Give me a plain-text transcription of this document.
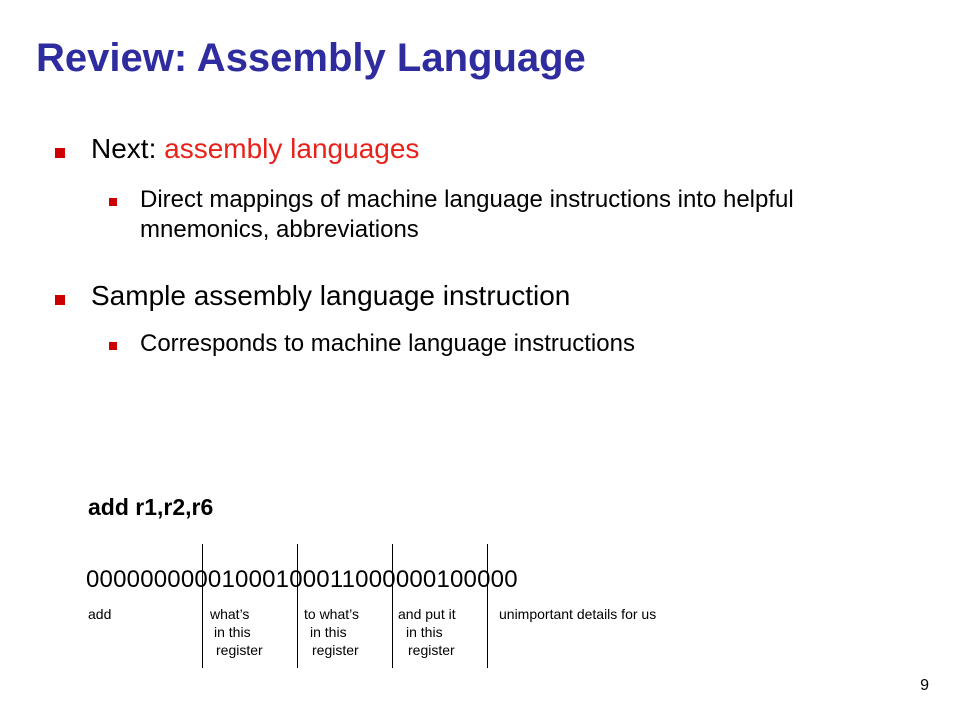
Review: Assembly Language
Next: assembly languages
Direct mappings of machine language instructions into helpful mnemonics, abbreviations
Sample assembly language instruction
Corresponds to machine language instructions
add r1,r2,r6
00000000001000100011000000100000
add	what’s
in this
register
to what’s
in this
register
and put it
in this
register
unimportant details for us
9
